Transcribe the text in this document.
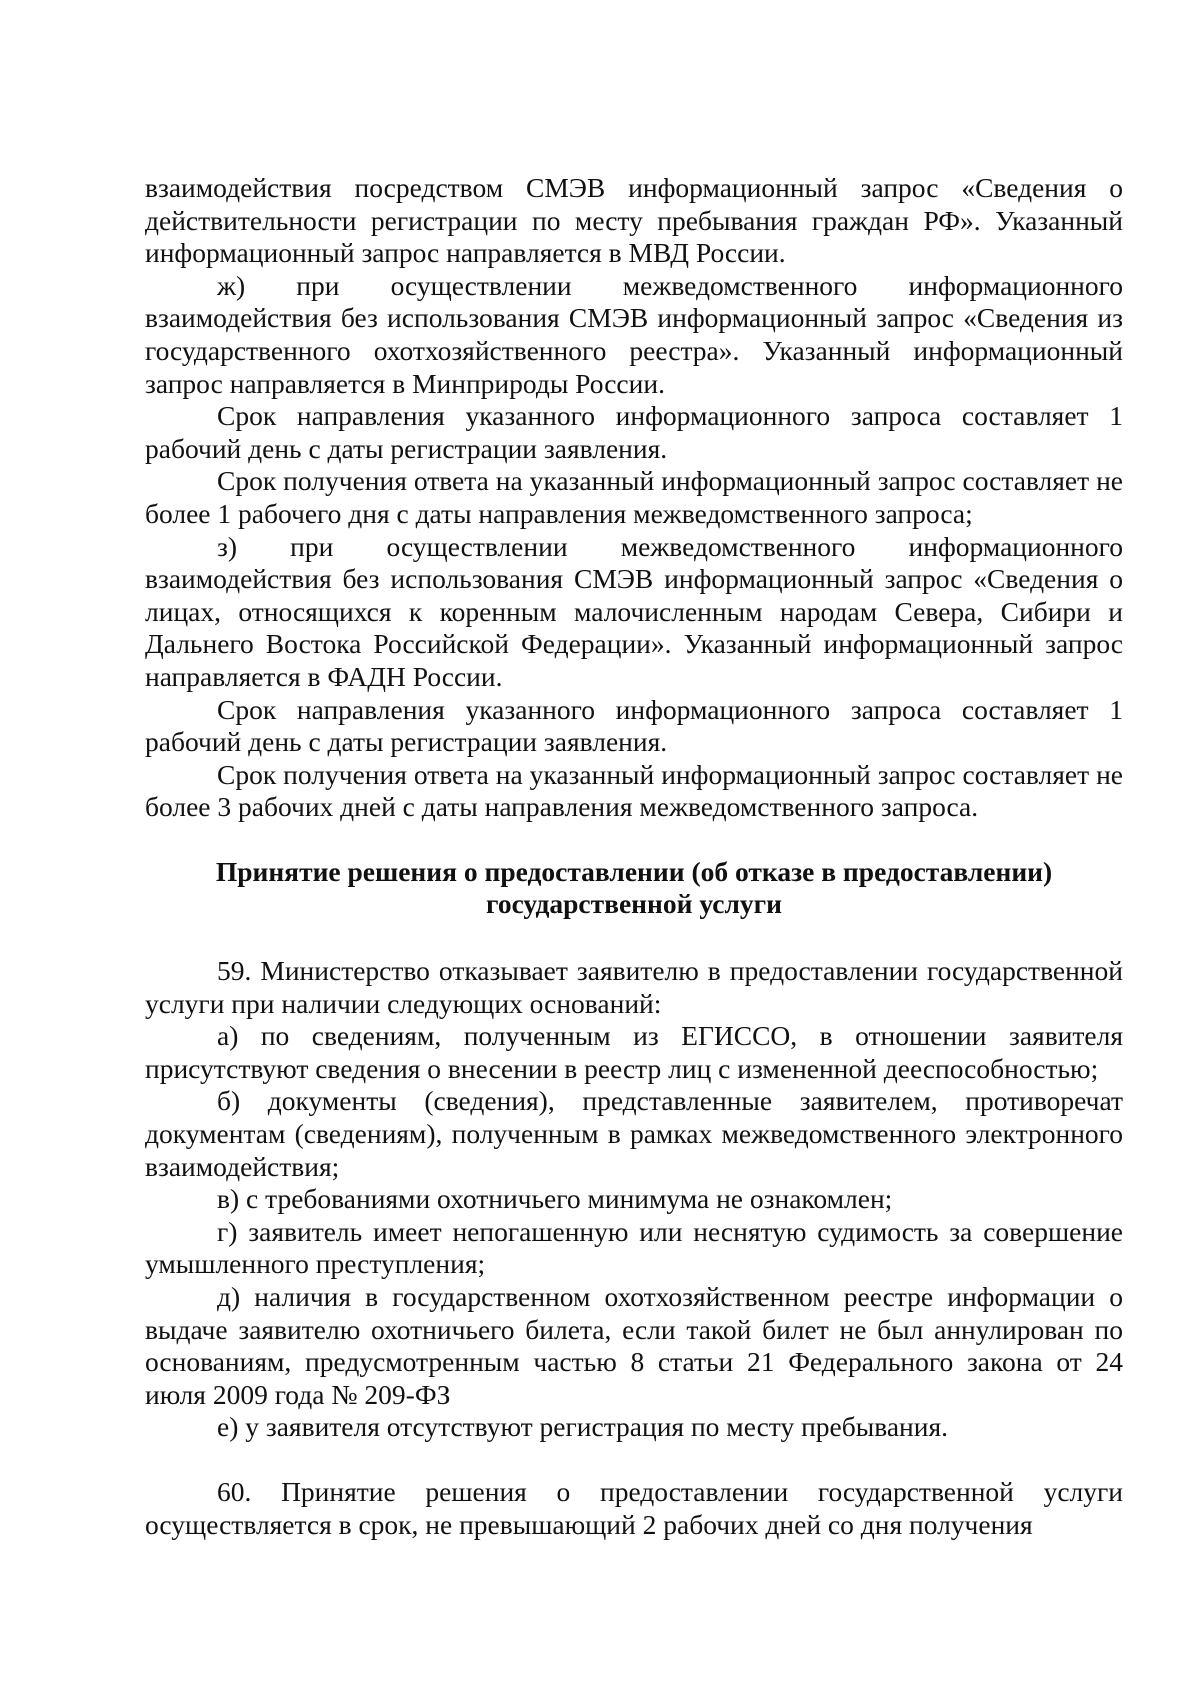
взаимодействия посредством СМЭВ информационный запрос «Сведения о действительности регистрации по месту пребывания граждан РФ». Указанный информационный запрос направляется в МВД России.

ж) при осуществлении межведомственного информационного взаимодействия без использования СМЭВ информационный запрос «Сведения из государственного охотхозяйственного реестра». Указанный информационный запрос направляется в Минприроды России.

Срок направления указанного информационного запроса составляет 1 рабочий день с даты регистрации заявления.

Срок получения ответа на указанный информационный запрос составляет не более 1 рабочего дня с даты направления межведомственного запроса;

з) при осуществлении межведомственного информационного взаимодействия без использования СМЭВ информационный запрос «Сведения о лицах, относящихся к коренным малочисленным народам Севера, Сибири и Дальнего Востока Российской Федерации». Указанный информационный запрос направляется в ФАДН России.

Срок направления указанного информационного запроса составляет 1 рабочий день с даты регистрации заявления.

Срок получения ответа на указанный информационный запрос составляет не более 3 рабочих дней с даты направления межведомственного запроса.

Принятие решения о предоставлении (об отказе в предоставлении)
государственной услуги

59. Министерство отказывает заявителю в предоставлении государственной услуги при наличии следующих оснований:

а) по сведениям, полученным из ЕГИССО, в отношении заявителя присутствуют сведения о внесении в реестр лиц с измененной дееспособностью;

б) документы (сведения), представленные заявителем, противоречат документам (сведениям), полученным в рамках межведомственного электронного взаимодействия;

в) с требованиями охотничьего минимума не ознакомлен;

г) заявитель имеет непогашенную или неснятую судимость за совершение умышленного преступления;

д) наличия в государственном охотхозяйственном реестре информации о выдаче заявителю охотничьего билета, если такой билет не был аннулирован по основаниям, предусмотренным частью 8 статьи 21 Федерального закона от 24 июля 2009 года № 209-ФЗ

е) у заявителя отсутствуют регистрация по месту пребывания.

60. Принятие решения о предоставлении государственной услуги осуществляется в срок, не превышающий 2 рабочих дней со дня получения
